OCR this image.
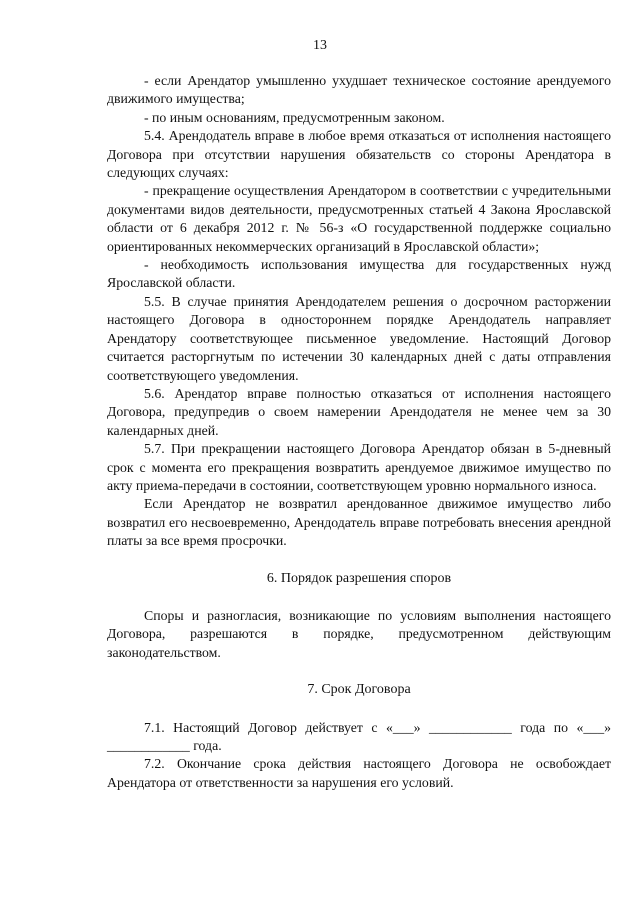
13

- если Арендатор умышленно ухудшает техническое состояние арендуемого движимого имущества;

- по иным основаниям, предусмотренным законом.

5.4. Арендодатель вправе в любое время отказаться от исполнения настоящего Договора при отсутствии нарушения обязательств со стороны Арендатора в следующих случаях:

- прекращение осуществления Арендатором в соответствии с учредительными документами видов деятельности, предусмотренных статьей 4 Закона Ярославской области от 6 декабря 2012 г. № 56-з «О государственной поддержке социально ориентированных некоммерческих организаций в Ярославской области»;

- необходимость использования имущества для государственных нужд Ярославской области.

5.5. В случае принятия Арендодателем решения о досрочном расторжении настоящего Договора в одностороннем порядке Арендодатель направляет Арендатору соответствующее письменное уведомление. Настоящий Договор считается расторгнутым по истечении 30 календарных дней с даты отправления соответствующего уведомления.

5.6. Арендатор вправе полностью отказаться от исполнения настоящего Договора, предупредив о своем намерении Арендодателя не менее чем за 30 календарных дней.

5.7. При прекращении настоящего Договора Арендатор обязан в 5-дневный срок с момента его прекращения возвратить арендуемое движимое имущество по акту приема-передачи в состоянии, соответствующем уровню нормального износа.

Если Арендатор не возвратил арендованное движимое имущество либо возвратил его несвоевременно, Арендодатель вправе потребовать внесения арендной платы за все время просрочки.

6. Порядок разрешения споров

Споры и разногласия, возникающие по условиям выполнения настоящего Договора, разрешаются в порядке, предусмотренном действующим законодательством.

7. Срок Договора

7.1. Настоящий Договор действует с «___» ____________ года по «___» ____________ года.

7.2. Окончание срока действия настоящего Договора не освобождает Арендатора от ответственности за нарушения его условий.
